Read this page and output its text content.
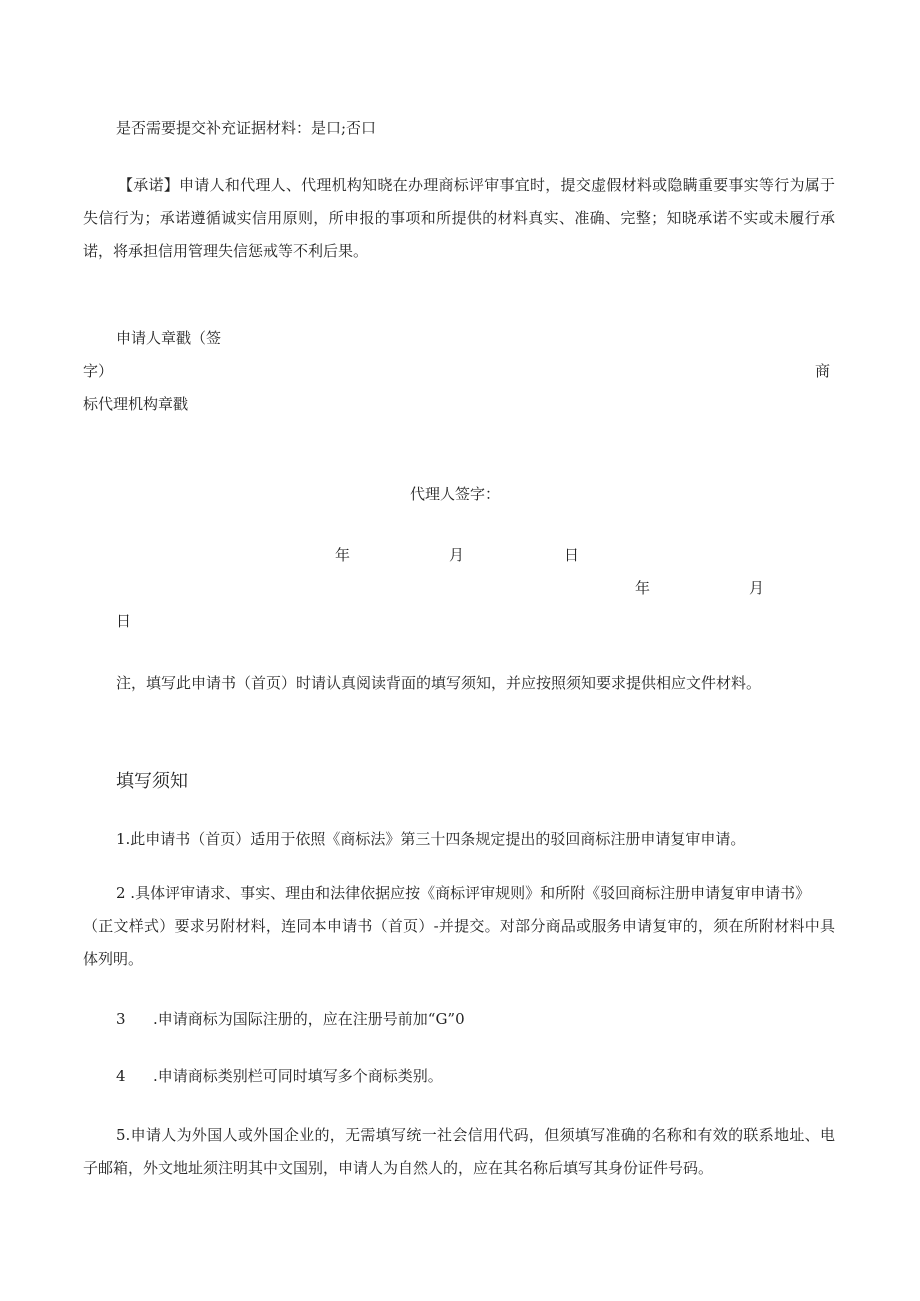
是否需要提交补充证据材料：是口;否口
【承诺】申请人和代理人、代理机构知晓在办理商标评审事宜时，提交虚假材料或隐瞒重要事实等行为属于失信行为；承诺遵循诚实信用原则，所申报的事项和所提供的材料真实、准确、完整；知晓承诺不实或未履行承诺，将承担信用管理失信惩戒等不利后果。
申请人章戳（签
字）	商
标代理机构章戳
代理人签字：
年	月	日
年	月
日
注，填写此申请书（首页）时请认真阅读背面的填写须知，并应按照须知要求提供相应文件材料。
填写须知
1.此申请书（首页）适用于依照《商标法》第三十四条规定提出的驳回商标注册申请复审申请。
2 .具体评审请求、事实、理由和法律依据应按《商标评审规则》和所附《驳回商标注册申请复审申请书》
（正文样式）要求另附材料，连同本申请书（首页）-并提交。对部分商品或服务申请复审的，须在所附材料中具体列明。
3 .申请商标为国际注册的，应在注册号前加“G”0
4 .申请商标类别栏可同时填写多个商标类别。
5.申请人为外国人或外国企业的，无需填写统一社会信用代码，但须填写准确的名称和有效的联系地址、电子邮箱，外文地址须注明其中文国别，申请人为自然人的，应在其名称后填写其身份证件号码。
